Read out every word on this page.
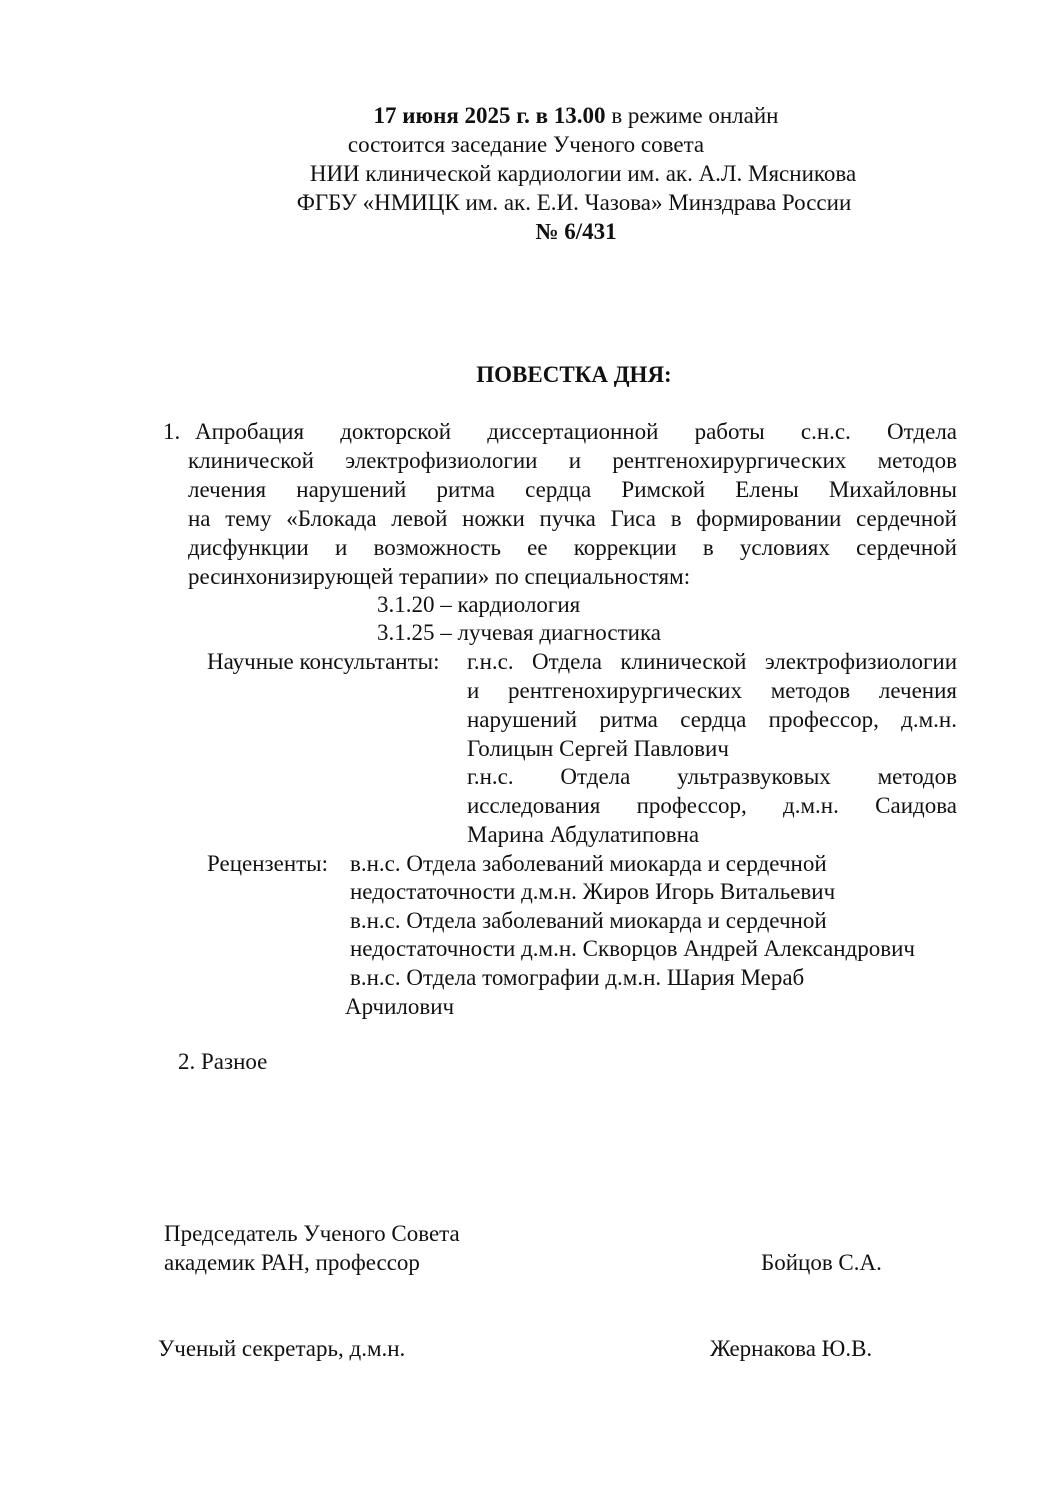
17 июня 2025 г. в 13.00 в режиме онлайн
состоится заседание Ученого совета
НИИ клинической кардиологии им. ак. А.Л. Мясникова
ФГБУ «НМИЦК им. ак. Е.И. Чазова» Минздрава России
№ 6/431
ПОВЕСТКА ДНЯ:
1. Апробация докторской диссертационной работы с.н.с. Отдела
клинической электрофизиологии и рентгенохирургических методов
лечения нарушений ритма сердца Римской Елены Михайловны
на тему «Блокада левой ножки пучка Гиса в формировании сердечной
дисфункции и возможность ее коррекции в условиях сердечной
ресинхонизирующей терапии» по специальностям:
3.1.20 – кардиология
3.1.25 – лучевая диагностика
Научные консультанты: г.н.с. Отдела клинической электрофизиологии
и рентгенохирургических методов лечения
нарушений ритма сердца профессор, д.м.н.
Голицын Сергей Павлович
г.н.с. Отдела ультразвуковых методов
исследования профессор, д.м.н. Саидова
Марина Абдулатиповна
Рецензенты: в.н.с. Отдела заболеваний миокарда и сердечной
недостаточности д.м.н. Жиров Игорь Витальевич
в.н.с. Отдела заболеваний миокарда и сердечной
недостаточности д.м.н. Скворцов Андрей Александрович
в.н.с. Отдела томографии д.м.н. Шария Мераб
Арчилович
2. Разное
Председатель Ученого Совета
академик РАН, профессор	Бойцов С.А.
Ученый секретарь, д.м.н.	Жернакова Ю.В.
